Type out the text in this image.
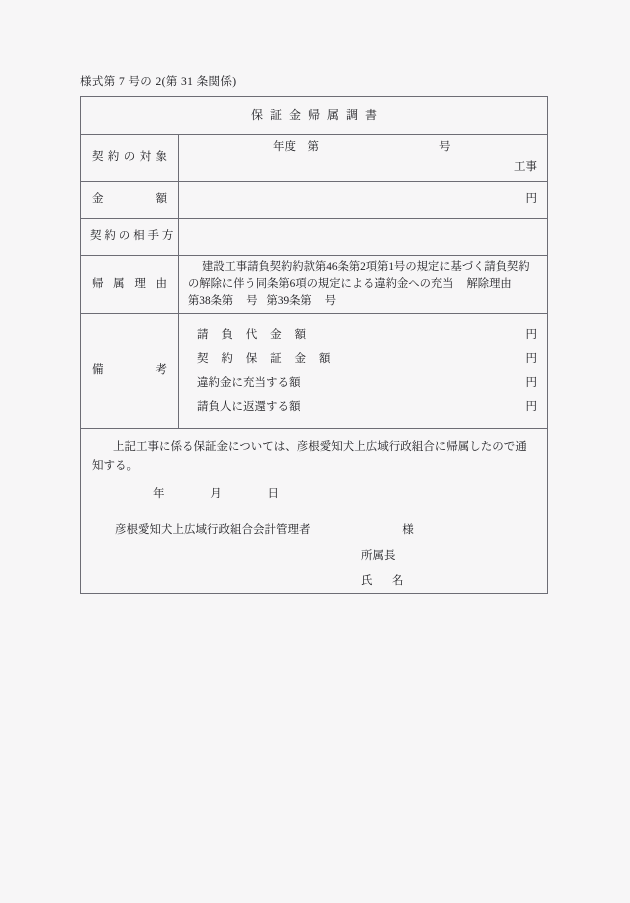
様式第 7 号の 2(第 31 条関係)
保証金帰属調書	

契 約 の 対 象	年度　第 号
工事

金　額	円

契 約 の 相 手 方	

帰 属 理 由	建設工事請負契約約款第46条第2項第1号の規定に基づく請負契約

の解除に伴う同条第6項の規定による違約金への充当 解除理由

第38条第 号 第39条第 号

備　考

請 負 代 金 額	円
契 約 保 証 金 額	円
違約金に充当する額	円
請負人に返還する額	円

上記工事に係る保証金については、彦根愛知犬上広域行政組合に帰属したので通知する。
年 月 日
彦根愛知犬上広域行政組合会計管理者 様
所属長
氏　名	
